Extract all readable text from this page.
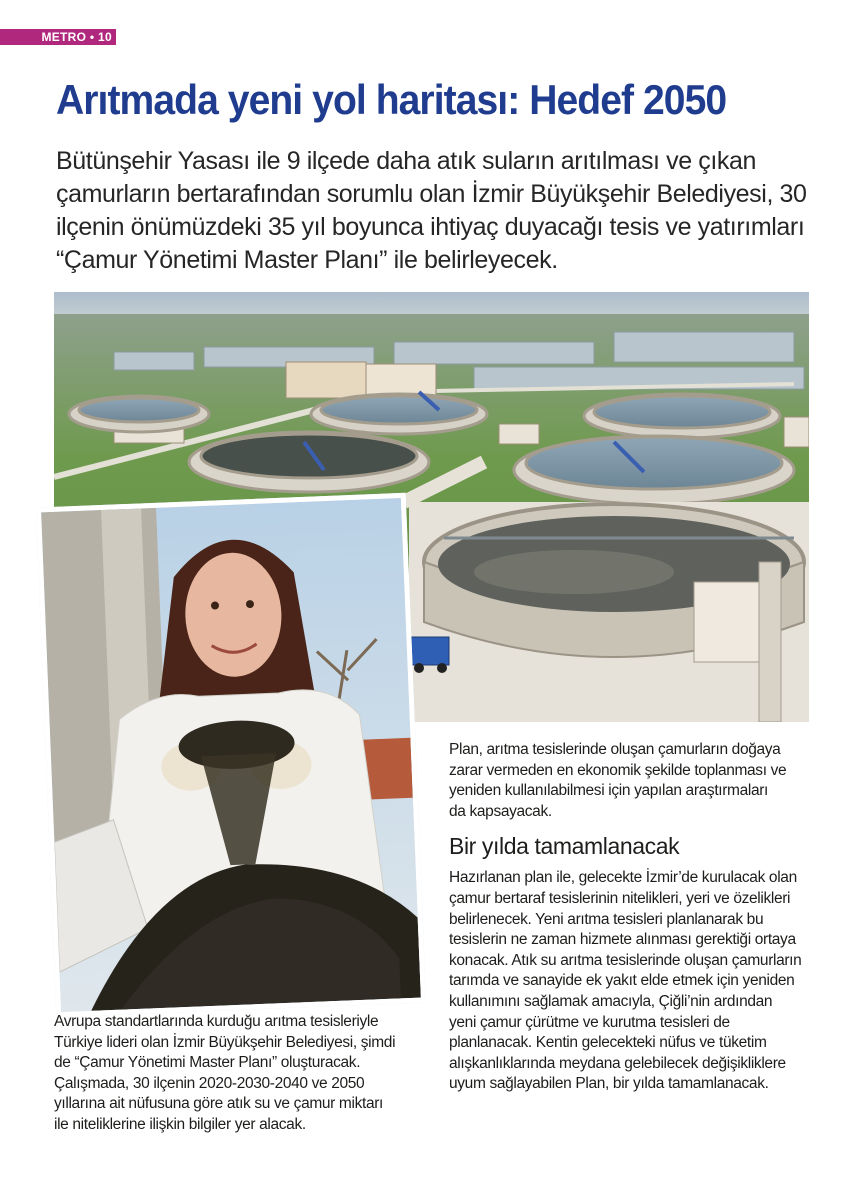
METRO • 10
Arıtmada yeni yol haritası: Hedef 2050

Bütünşehir Yasası ile 9 ilçede daha atık suların arıtılması ve çıkan

çamurların bertarafından sorumlu olan İzmir Büyükşehir Belediyesi, 30

ilçenin önümüzdeki 35 yıl boyunca ihtiyaç duyacağı tesis ve yatırımları

“Çamur Yönetimi Master Planı” ile belirleyecek.

Plan, arıtma tesislerinde oluşan çamurların doğaya
zarar vermeden en ekonomik şekilde toplanması ve
yeniden kullanılabilmesi için yapılan araştırmaları
da kapsayacak.

Bir yılda tamamlanacak

Hazırlanan plan ile, gelecekte İzmir’de kurulacak olan
çamur bertaraf tesislerinin nitelikleri, yeri ve özelikleri
belirlenecek. Yeni arıtma tesisleri planlanarak bu
tesislerin ne zaman hizmete alınması gerektiği ortaya
konacak. Atık su arıtma tesislerinde oluşan çamurların
tarımda ve sanayide ek yakıt elde etmek için yeniden
kullanımını sağlamak amacıyla, Çiğli’nin ardından
yeni çamur çürütme ve kurutma tesisleri de
planlanacak. Kentin gelecekteki nüfus ve tüketim
alışkanlıklarında meydana gelebilecek değişikliklere
uyum sağlayabilen Plan, bir yılda tamamlanacak.

Avrupa standartlarında kurduğu arıtma tesisleriyle
Türkiye lideri olan İzmir Büyükşehir Belediyesi, şimdi
de “Çamur Yönetimi Master Planı” oluşturacak.
Çalışmada, 30 ilçenin 2020-2030-2040 ve 2050
yıllarına ait nüfusuna göre atık su ve çamur miktarı
ile niteliklerine ilişkin bilgiler yer alacak.
